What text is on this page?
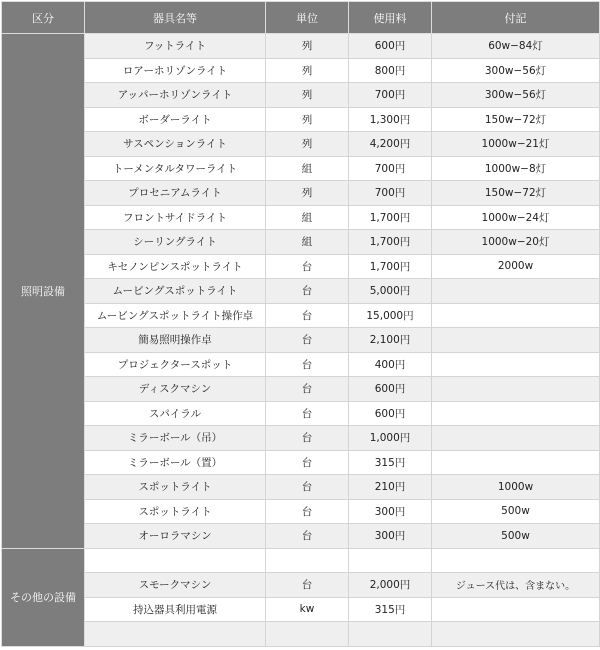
区分	器具名等	単位	使用料	付記
照明設備	フットライト	列	600円	60w−84灯
	ロアーホリゾンライト	列	800円	300w−56灯
	アッパーホリゾンライト	列	700円	300w−56灯
	ボーダーライト	列	1,300円	150w−72灯
	サスペンションライト	列	4,200円	1000w−21灯
	トーメンタルタワーライト	組	700円	1000w−8灯
	プロセニアムライト	列	700円	150w−72灯
	フロントサイドライト	組	1,700円	1000w−24灯
	シーリングライト	組	1,700円	1000w−20灯
	キセノンピンスポットライト	台	1,700円	2000w
	ムービングスポットライト	台	5,000円	
	ムービングスポットライト操作卓	台	15,000円	
	簡易照明操作卓	台	2,100円	
	プロジェクタースポット	台	400円	
	ディスクマシン	台	600円	
	スパイラル	台	600円	
	ミラーボール（吊）	台	1,000円	
	ミラーボール（置）	台	315円	
	スポットライト	台	210円	1000w
	スポットライト	台	300円	500w
	オーロラマシン	台	300円	500w
その他の設備				
	スモークマシン	台	2,000円	ジュース代は、含まない。
	持込器具利用電源	kw	315円	
